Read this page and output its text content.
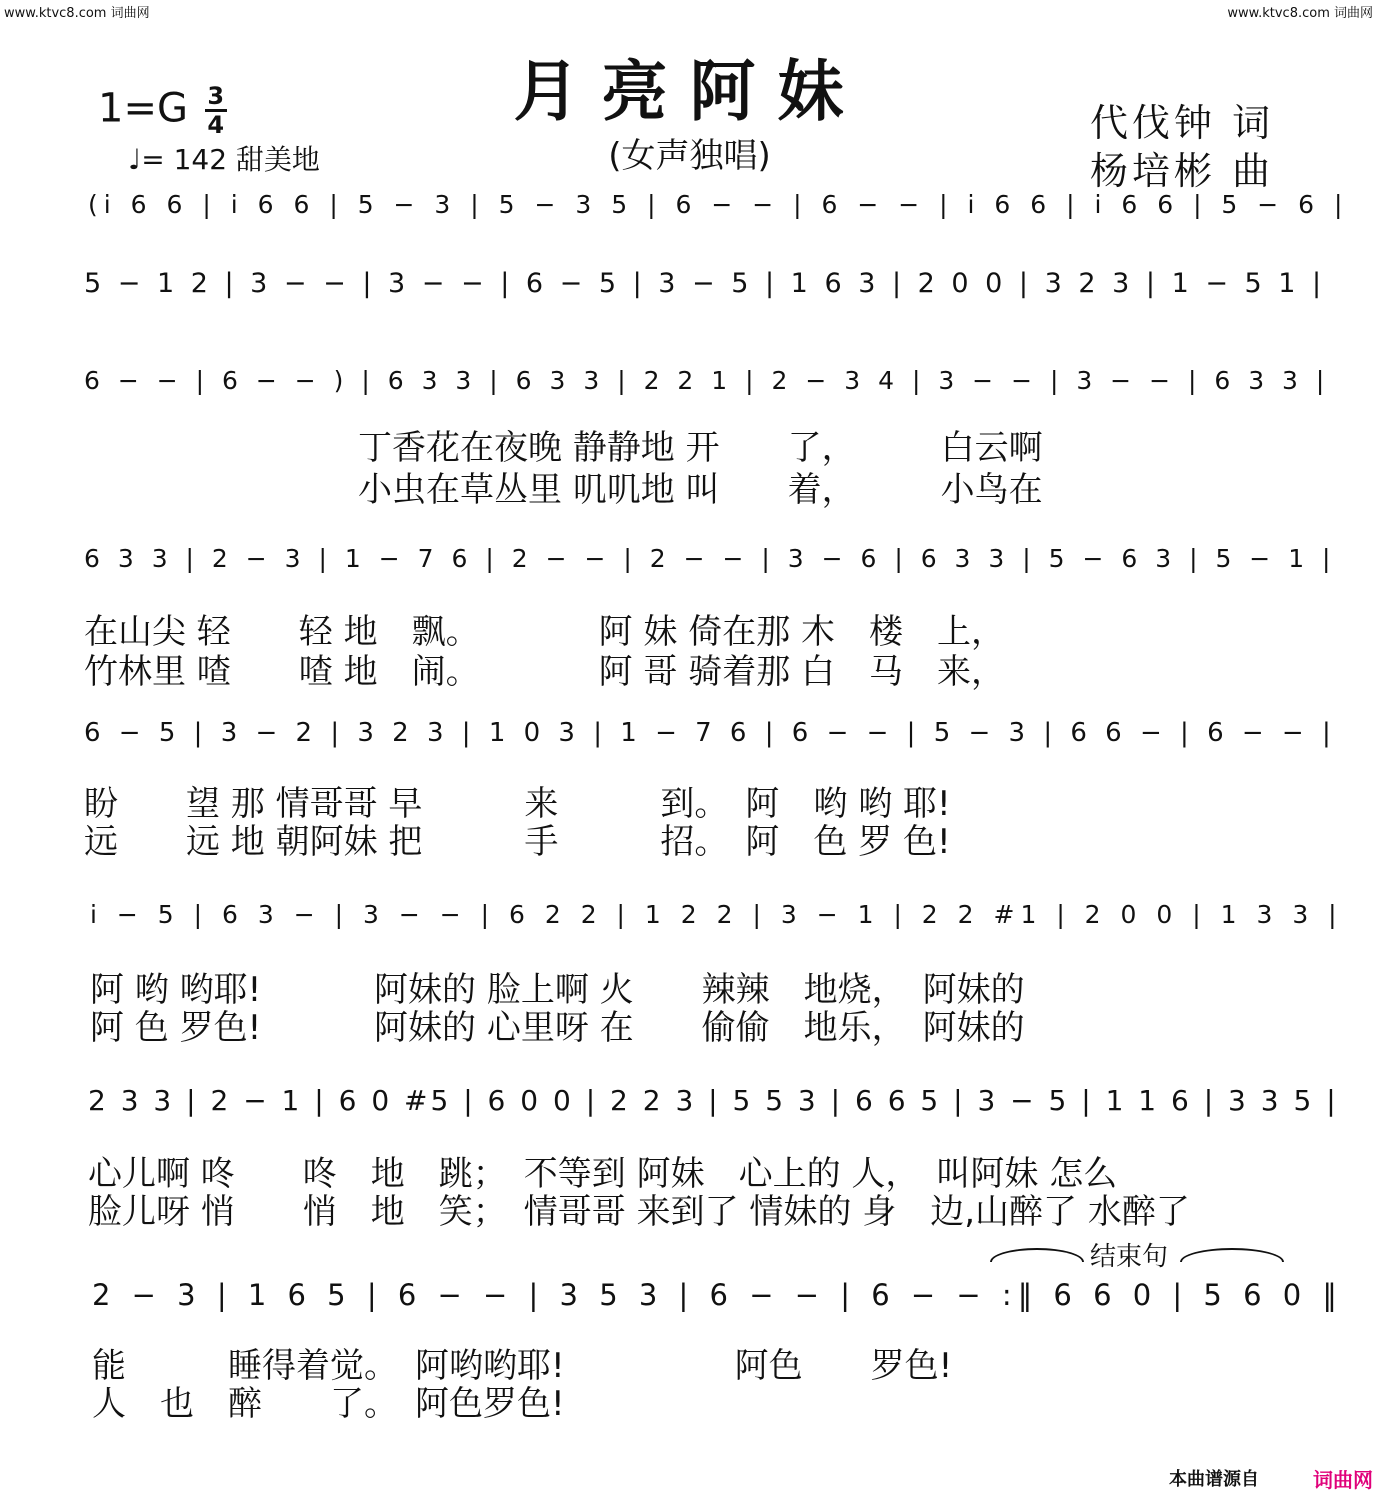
www.ktvc8.com 词曲网	www.ktvc8.com 词曲网
月亮阿妹
(女声独唱)
$1=G \frac{3}{4}$
♩= 142 甜美地
代伐钟 词
杨培彬 曲
(i 6 6 | i 6 6 | 5 − 3 | 5 − 3 5 | 6 − − | 6 − − | i 6 6 | i 6 6 | 5 − 6 |
5 − 1 2 | 3 − − | 3 − − | 6 − 5 | 3 − 5 | 1 6 3 | 2 0 0 | 3 2 3 | 1 − 5 1 |
6 − − | 6 − − ) | 6 3 3 | 6 3 3 | 2 2 1 | 2 − 3 4 | 3 − − | 3 − − | 6 3 3 |
丁香花在夜晚 静静地 开　　了，　　　白云啊
小虫在草丛里 叽叽地 叫　　着，　　　小鸟在
6 3 3 | 2 − 3 | 1 − 7 6 | 2 − − | 2 − − | 3 − 6 | 6 3 3 | 5 − 6 3 | 5 − 1 |
在山尖 轻　　轻 地　飘。　　　　阿 妹 倚在那 木　楼　上，
竹林里 喳　　喳 地　闹。　　　　阿 哥 骑着那 白　马　来，
6 − 5 | 3 − 2 | 3 2 3 | 1 0 3 | 1 − 7 6 | 6 − − | 5 − 3 | 6 6 − | 6 − − |
盼　　望 那 情哥哥 早　　　来　　　到。　阿　哟 哟 耶!
远　　远 地 朝阿妹 把　　　手　　　招。　阿　色 罗 色!
i − 5 | 6 3 − | 3 − − | 6 2 2 | 1 2 2 | 3 − 1 | 2 2 #1 | 2 0 0 | 1 3 3 |
阿 哟 哟耶!　　　 阿妹的 脸上啊 火　　辣辣　地烧，　阿妹的
阿 色 罗色!　　　 阿妹的 心里呀 在　　偷偷　地乐，　阿妹的
2 3 3 | 2 − 1 | 6 0 #5 | 6 0 0 | 2 2 3 | 5 5 3 | 6 6 5 | 3 − 5 | 1 1 6 | 3 3 5 |
心儿啊 咚　　咚　地　跳；　不等到 阿妹　心上的 人，　叫阿妹 怎么
脸儿呀 悄　　悄　地　笑；　情哥哥 来到了 情妹的 身　边,山醉了 水醉了
结束句
2 − 3 | 1 6 5 | 6 − − | 3 5 3 | 6 − − | 6 − − :‖ 6 6 0 | 5 6 0 ‖
能　　　睡得着觉。　阿哟哟耶!　　　　　阿色　　罗色!
人　也　醉　　了。　阿色罗色!
本曲谱源自	词曲网
